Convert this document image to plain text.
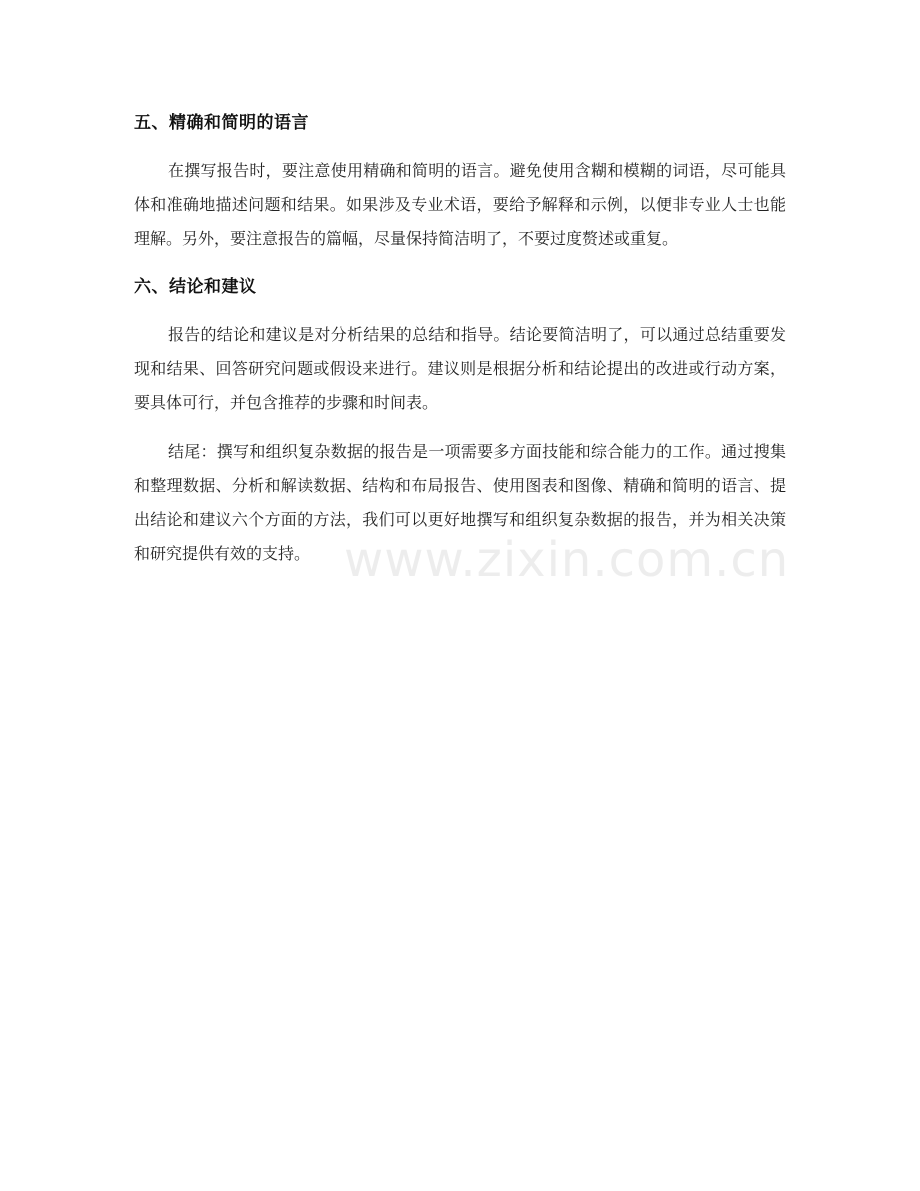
五、精确和简明的语言

在撰写报告时，要注意使用精确和简明的语言。避免使用含糊和模糊的词语，尽可能具体和准确地描述问题和结果。如果涉及专业术语，要给予解释和示例，以便非专业人士也能理解。另外，要注意报告的篇幅，尽量保持简洁明了，不要过度赘述或重复。

六、结论和建议

报告的结论和建议是对分析结果的总结和指导。结论要简洁明了，可以通过总结重要发现和结果、回答研究问题或假设来进行。建议则是根据分析和结论提出的改进或行动方案，要具体可行，并包含推荐的步骤和时间表。

结尾：撰写和组织复杂数据的报告是一项需要多方面技能和综合能力的工作。通过搜集和整理数据、分析和解读数据、结构和布局报告、使用图表和图像、精确和简明的语言、提出结论和建议六个方面的方法，我们可以更好地撰写和组织复杂数据的报告，并为相关决策和研究提供有效的支持。 www.zixin.com.cn
